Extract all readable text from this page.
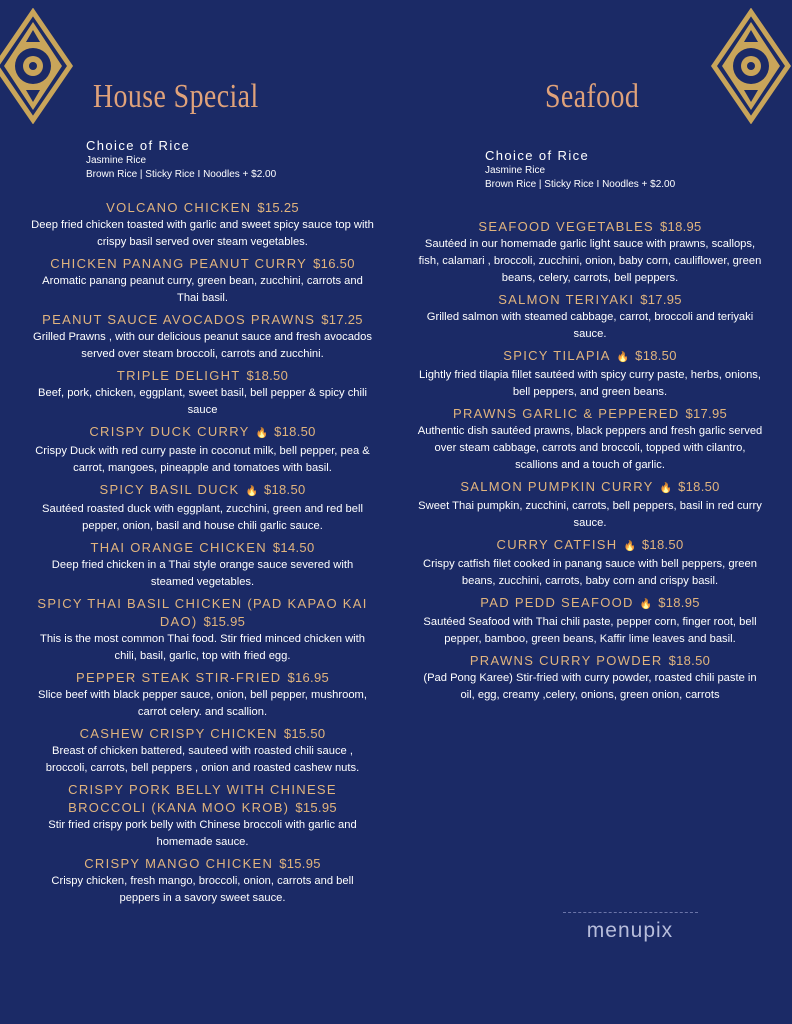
House Special
Choice of Rice
Jasmine Rice
Brown Rice | Sticky Rice I Noodles + $2.00
VOLCANO CHICKEN $15.25
Deep fried chicken toasted with garlic and sweet spicy sauce top with crispy basil served over steam vegetables.
CHICKEN PANANG PEANUT CURRY $16.50
Aromatic panang peanut curry, green bean, zucchini, carrots and Thai basil.
PEANUT SAUCE AVOCADOS PRAWNS $17.25
Grilled Prawns , with our delicious peanut sauce and fresh avocados served over steam broccoli, carrots and zucchini.
TRIPLE DELIGHT $18.50
Beef, pork, chicken, eggplant, sweet basil, bell pepper & spicy chili sauce
CRISPY DUCK CURRY 🔥 $18.50
Crispy Duck with red curry paste in coconut milk, bell pepper, pea & carrot, mangoes, pineapple and tomatoes with basil.
SPICY BASIL DUCK 🔥 $18.50
Sautéed roasted duck with eggplant, zucchini, green and red bell pepper, onion, basil and house chili garlic sauce.
THAI ORANGE CHICKEN $14.50
Deep fried chicken in a Thai style orange sauce severed with steamed vegetables.
SPICY THAI BASIL CHICKEN (PAD KAPAO KAI DAO) $15.95
This is the most common Thai food. Stir fried minced chicken with chili, basil, garlic, top with fried egg.
PEPPER STEAK STIR-FRIED $16.95
Slice beef with black pepper sauce, onion, bell pepper, mushroom, carrot celery. and scallion.
CASHEW CRISPY CHICKEN $15.50
Breast of chicken battered, sauteed with roasted chili sauce , broccoli, carrots, bell peppers , onion and roasted cashew nuts.
CRISPY PORK BELLY WITH CHINESE BROCCOLI (KANA MOO KROB) $15.95
Stir fried crispy pork belly with Chinese broccoli with garlic and homemade sauce.
CRISPY MANGO CHICKEN $15.95
Crispy chicken, fresh mango, broccoli, onion, carrots and bell peppers in a savory sweet sauce.
Seafood
Choice of Rice
Jasmine Rice
Brown Rice | Sticky Rice I Noodles + $2.00
SEAFOOD VEGETABLES $18.95
Sautéed in our homemade garlic light sauce with prawns, scallops, fish, calamari , broccoli, zucchini, onion, baby corn, cauliflower, green beans, celery, carrots, bell peppers.
SALMON TERIYAKI $17.95
Grilled salmon with steamed cabbage, carrot, broccoli and teriyaki sauce.
SPICY TILAPIA 🔥 $18.50
Lightly fried tilapia fillet sautéed with spicy curry paste, herbs, onions, bell peppers, and green beans.
PRAWNS GARLIC & PEPPERED $17.95
Authentic dish sautéed prawns, black peppers and fresh garlic served over steam cabbage, carrots and broccoli, topped with cilantro, scallions and a touch of garlic.
SALMON PUMPKIN CURRY 🔥 $18.50
Sweet Thai pumpkin, zucchini, carrots, bell peppers, basil in red curry sauce.
CURRY CATFISH 🔥 $18.50
Crispy catfish filet cooked in panang sauce with bell peppers, green beans, zucchini, carrots, baby corn and crispy basil.
PAD PEDD SEAFOOD 🔥 $18.95
Sautéed Seafood with Thai chili paste, pepper corn, finger root, bell pepper, bamboo, green beans, Kaffir lime leaves and basil.
PRAWNS CURRY POWDER $18.50
(Pad Pong Karee) Stir-fried with curry powder, roasted chili paste in oil, egg, creamy ,celery, onions, green onion, carrots
menupix
